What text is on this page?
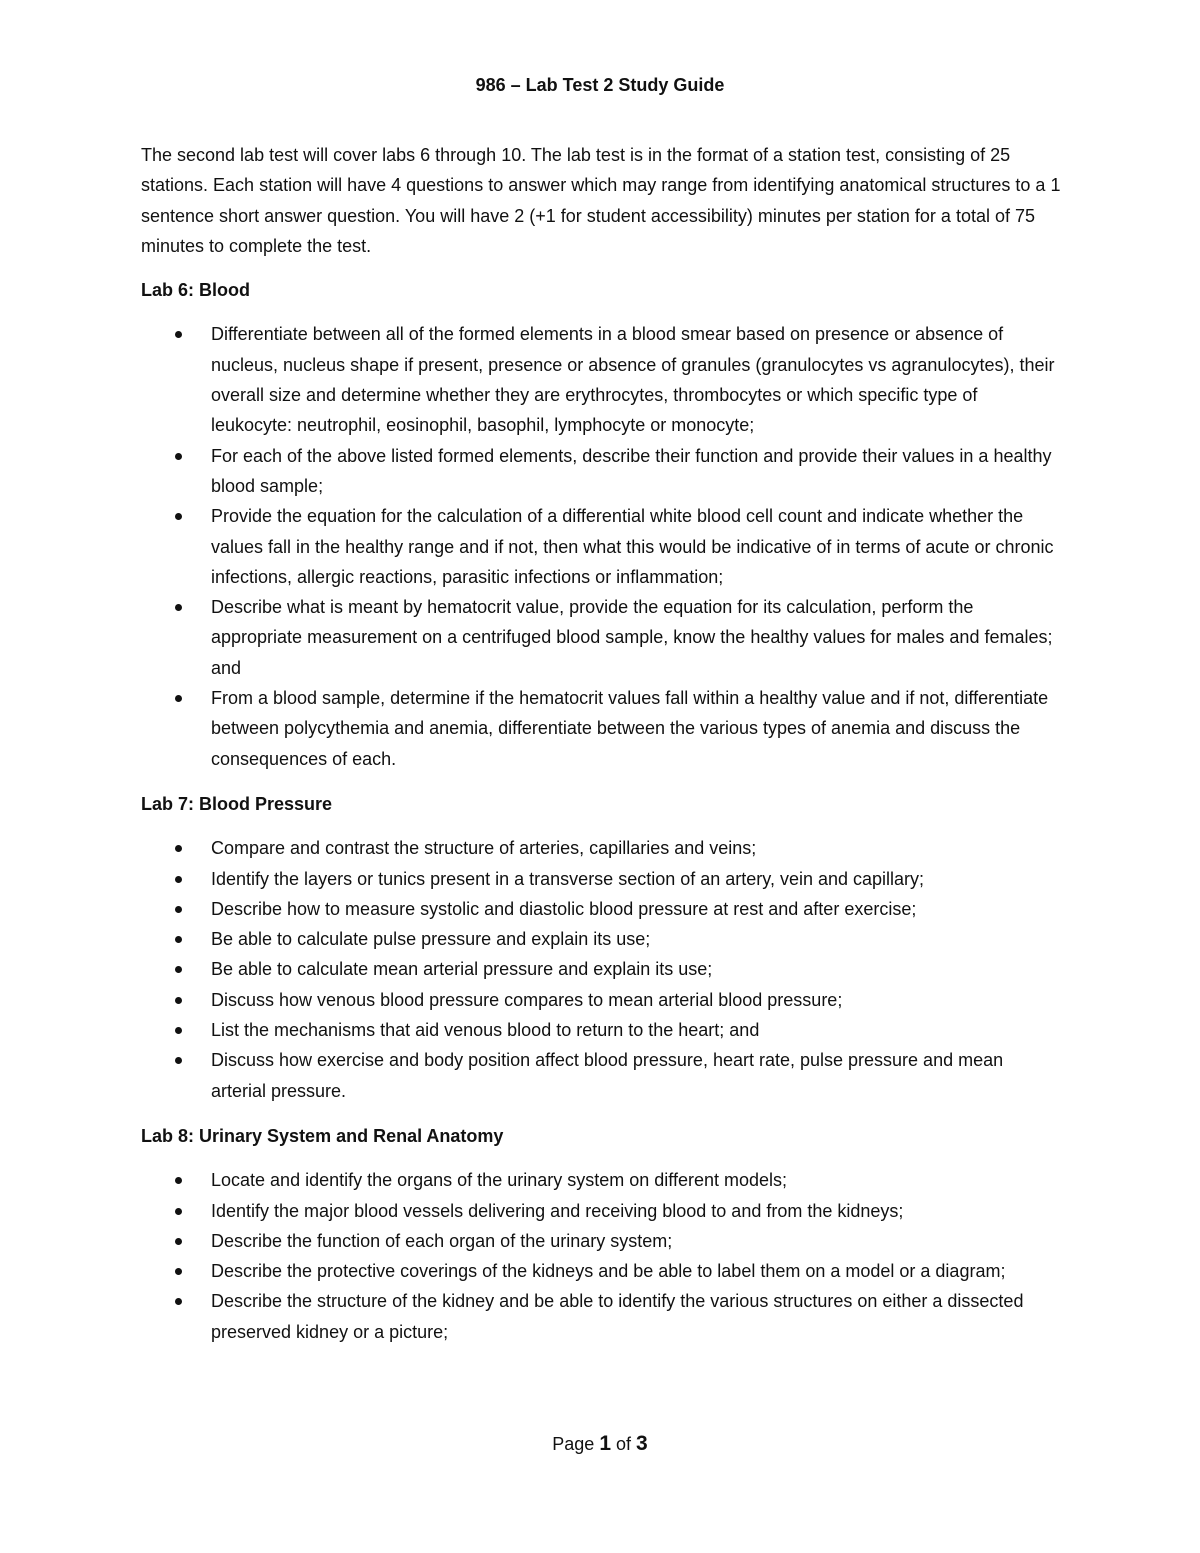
986 – Lab Test 2 Study Guide

The second lab test will cover labs 6 through 10. The lab test is in the format of a station test, consisting of 25 stations. Each station will have 4 questions to answer which may range from identifying anatomical structures to a 1 sentence short answer question. You will have 2 (+1 for student accessibility) minutes per station for a total of 75 minutes to complete the test.

Lab 6: Blood

Differentiate between all of the formed elements in a blood smear based on presence or absence of nucleus, nucleus shape if present, presence or absence of granules (granulocytes vs agranulocytes), their overall size and determine whether they are erythrocytes, thrombocytes or which specific type of leukocyte: neutrophil, eosinophil, basophil, lymphocyte or monocyte;
For each of the above listed formed elements, describe their function and provide their values in a healthy blood sample;
Provide the equation for the calculation of a differential white blood cell count and indicate whether the values fall in the healthy range and if not, then what this would be indicative of in terms of acute or chronic infections, allergic reactions, parasitic infections or inflammation;
Describe what is meant by hematocrit value, provide the equation for its calculation, perform the appropriate measurement on a centrifuged blood sample, know the healthy values for males and females; and
From a blood sample, determine if the hematocrit values fall within a healthy value and if not, differentiate between polycythemia and anemia, differentiate between the various types of anemia and discuss the consequences of each.

Lab 7: Blood Pressure

Compare and contrast the structure of arteries, capillaries and veins;
Identify the layers or tunics present in a transverse section of an artery, vein and capillary;
Describe how to measure systolic and diastolic blood pressure at rest and after exercise;
Be able to calculate pulse pressure and explain its use;
Be able to calculate mean arterial pressure and explain its use;
Discuss how venous blood pressure compares to mean arterial blood pressure;
List the mechanisms that aid venous blood to return to the heart; and
Discuss how exercise and body position affect blood pressure, heart rate, pulse pressure and mean arterial pressure.

Lab 8: Urinary System and Renal Anatomy

Locate and identify the organs of the urinary system on different models;
Identify the major blood vessels delivering and receiving blood to and from the kidneys;
Describe the function of each organ of the urinary system;
Describe the protective coverings of the kidneys and be able to label them on a model or a diagram;
Describe the structure of the kidney and be able to identify the various structures on either a dissected preserved kidney or a picture;
Page 1 of 3
